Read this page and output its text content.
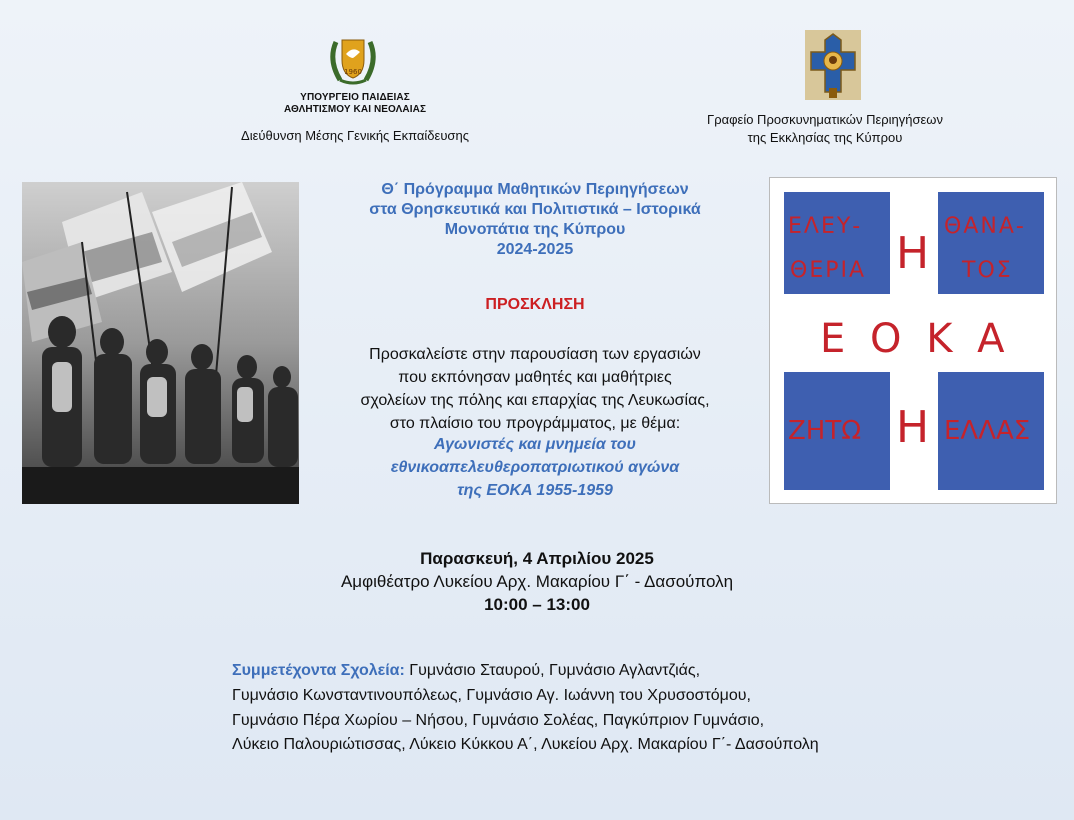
1960
ΥΠΟΥΡΓΕΙΟ ΠΑΙΔΕΙΑΣ
ΑΘΛΗΤΙΣΜΟΥ ΚΑΙ ΝΕΟΛΑΙΑΣ
Διεύθυνση Μέσης Γενικής Εκπαίδευσης
Γραφείο Προσκυνηματικών Περιηγήσεων
της Εκκλησίας της Κύπρου
ΕΛΕΥ-
ΘΕΡΙΑ
ΘΑΝΑ-
ΤΟΣ
Η
Ε Ο Κ Α
ΖΗΤΩ Η ΕΛΛΑΣ
Θ΄ Πρόγραμμα Μαθητικών Περιηγήσεων
στα Θρησκευτικά και Πολιτιστικά – Ιστορικά
Μονοπάτια της Κύπρου
2024-2025
ΠΡΟΣΚΛΗΣΗ
Προσκαλείστε στην παρουσίαση των εργασιών
που εκπόνησαν μαθητές και μαθήτριες
σχολείων της πόλης και επαρχίας της Λευκωσίας,
στο πλαίσιο του προγράμματος, με θέμα:
Αγωνιστές και μνημεία του
εθνικοαπελευθεροπατριωτικού αγώνα
της ΕΟΚΑ 1955-1959
Παρασκευή, 4 Απριλίου 2025
Αμφιθέατρο Λυκείου Αρχ. Μακαρίου Γ΄ - Δασούπολη
10:00 – 13:00
Συμμετέχοντα Σχολεία: Γυμνάσιο Σταυρού, Γυμνάσιο Αγλαντζιάς,
Γυμνάσιο Κωνσταντινουπόλεως, Γυμνάσιο Αγ. Ιωάννη του Χρυσοστόμου,
Γυμνάσιο Πέρα Χωρίου – Νήσου, Γυμνάσιο Σολέας, Παγκύπριον Γυμνάσιο,
Λύκειο Παλουριώτισσας, Λύκειο Κύκκου Α΄, Λυκείου Αρχ. Μακαρίου Γ΄- Δασούπολη
